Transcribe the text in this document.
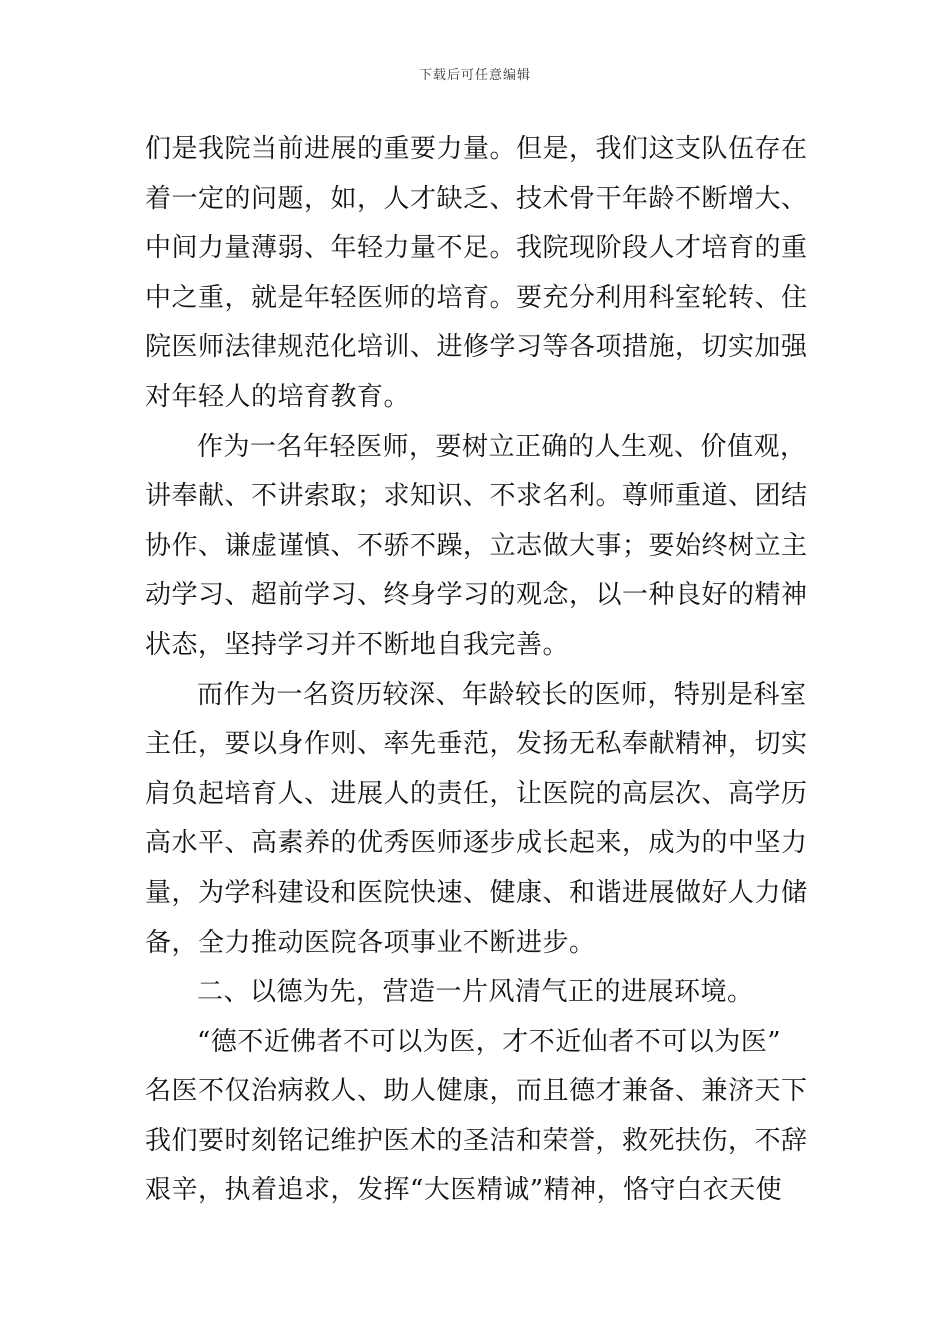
下载后可任意编辑
们是我院当前进展的重要力量。但是，我们这支队伍存在
着一定的问题，如，人才缺乏、技术骨干年龄不断增大、
中间力量薄弱、年轻力量不足。我院现阶段人才培育的重
中之重，就是年轻医师的培育。要充分利用科室轮转、住
院医师法律规范化培训、进修学习等各项措施，切实加强
对年轻人的培育教育。
作为一名年轻医师，要树立正确的人生观、价值观，
讲奉献、不讲索取；求知识、不求名利。尊师重道、团结
协作、谦虚谨慎、不骄不躁，立志做大事；要始终树立主
动学习、超前学习、终身学习的观念，以一种良好的精神
状态，坚持学习并不断地自我完善。
而作为一名资历较深、年龄较长的医师，特别是科室
主任，要以身作则、率先垂范，发扬无私奉献精神，切实
肩负起培育人、进展人的责任，让医院的高层次、高学历
高水平、高素养的优秀医师逐步成长起来，成为的中坚力
量，为学科建设和医院快速、健康、和谐进展做好人力储
备，全力推动医院各项事业不断进步。
二、以德为先，营造一片风清气正的进展环境。
“德不近佛者不可以为医，才不近仙者不可以为医”
名医不仅治病救人、助人健康，而且德才兼备、兼济天下
我们要时刻铭记维护医术的圣洁和荣誉，救死扶伤，不辞
艰辛，执着追求，发挥“大医精诚”精神，恪守白衣天使
